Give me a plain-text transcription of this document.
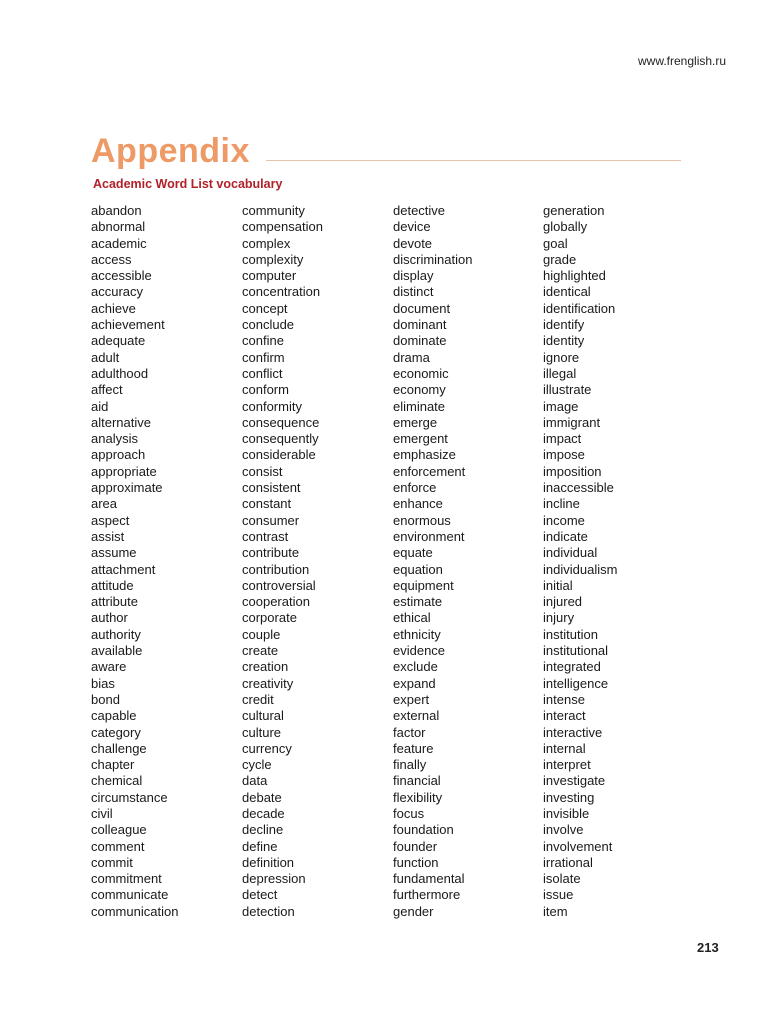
www.frenglish.ru
Appendix
Academic Word List vocabulary
abandon
abnormal
academic
access
accessible
accuracy
achieve
achievement
adequate
adult
adulthood
affect
aid
alternative
analysis
approach
appropriate
approximate
area
aspect
assist
assume
attachment
attitude
attribute
author
authority
available
aware
bias
bond
capable
category
challenge
chapter
chemical
circumstance
civil
colleague
comment
commit
commitment
communicate
communication
community
compensation
complex
complexity
computer
concentration
concept
conclude
confine
confirm
conflict
conform
conformity
consequence
consequently
considerable
consist
consistent
constant
consumer
contrast
contribute
contribution
controversial
cooperation
corporate
couple
create
creation
creativity
credit
cultural
culture
currency
cycle
data
debate
decade
decline
define
definition
depression
detect
detection
detective
device
devote
discrimination
display
distinct
document
dominant
dominate
drama
economic
economy
eliminate
emerge
emergent
emphasize
enforcement
enforce
enhance
enormous
environment
equate
equation
equipment
estimate
ethical
ethnicity
evidence
exclude
expand
expert
external
factor
feature
finally
financial
flexibility
focus
foundation
founder
function
fundamental
furthermore
gender
generation
globally
goal
grade
highlighted
identical
identification
identify
identity
ignore
illegal
illustrate
image
immigrant
impact
impose
imposition
inaccessible
incline
income
indicate
individual
individualism
initial
injured
injury
institution
institutional
integrated
intelligence
intense
interact
interactive
internal
interpret
investigate
investing
invisible
involve
involvement
irrational
isolate
issue
item
213
